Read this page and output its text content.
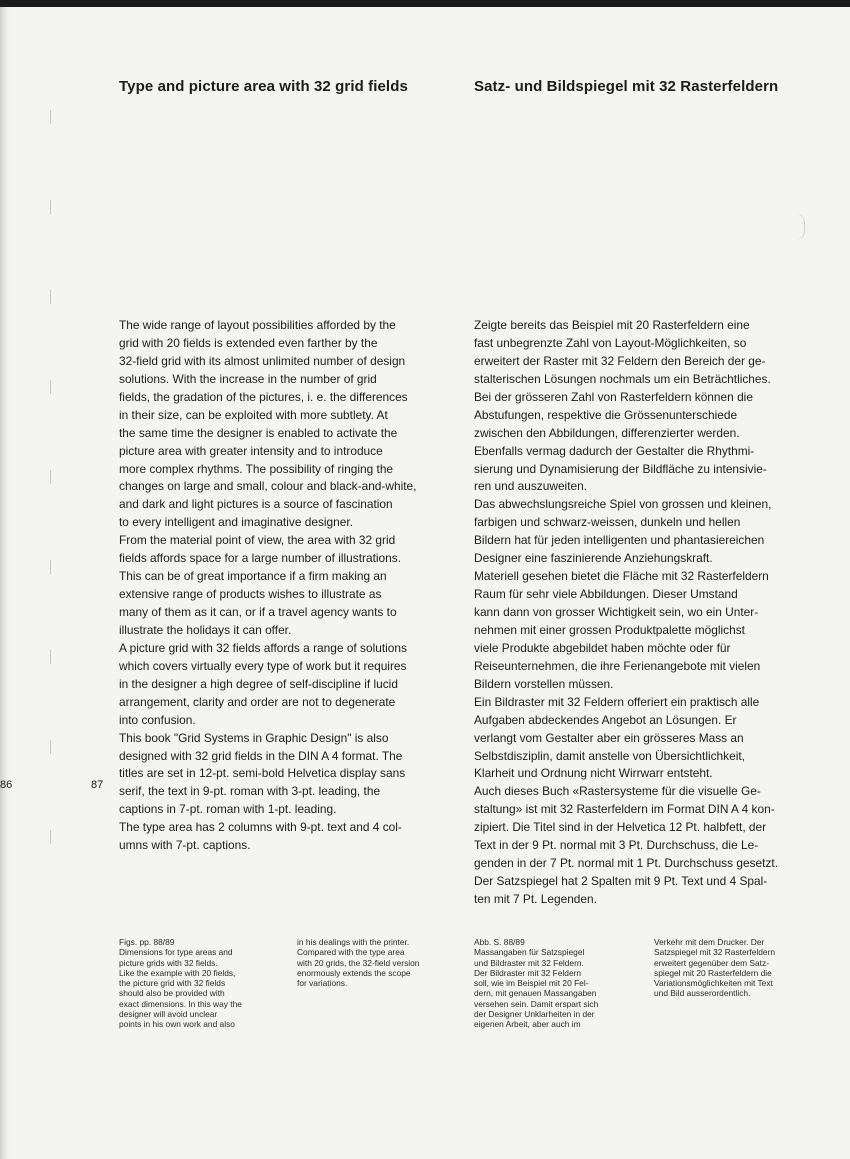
Type and picture area with 32 grid fields	Satz- und Bildspiegel mit 32 Rasterfeldern

The wide range of layout possibilities afforded by the

grid with 20 fields is extended even farther by the

32-field grid with its almost unlimited number of design

solutions. With the increase in the number of grid

fields, the gradation of the pictures, i. e. the differences

in their size, can be exploited with more subtlety. At

the same time the designer is enabled to activate the

picture area with greater intensity and to introduce

more complex rhythms. The possibility of ringing the

changes on large and small, colour and black-and-white,

and dark and light pictures is a source of fascination

to every intelligent and imaginative designer.

From the material point of view, the area with 32 grid

fields affords space for a large number of illustrations.

This can be of great importance if a firm making an

extensive range of products wishes to illustrate as

many of them as it can, or if a travel agency wants to

illustrate the holidays it can offer.

A picture grid with 32 fields affords a range of solutions

which covers virtually every type of work but it requires

in the designer a high degree of self-discipline if lucid

arrangement, clarity and order are not to degenerate

into confusion.

This book "Grid Systems in Graphic Design" is also

designed with 32 grid fields in the DIN A 4 format. The

titles are set in 12-pt. semi-bold Helvetica display sans

serif, the text in 9-pt. roman with 3-pt. leading, the

captions in 7-pt. roman with 1-pt. leading.

The type area has 2 columns with 9-pt. text and 4 col-

umns with 7-pt. captions.

Zeigte bereits das Beispiel mit 20 Rasterfeldern eine

fast unbegrenzte Zahl von Layout-Möglichkeiten, so

erweitert der Raster mit 32 Feldern den Bereich der ge-

stalterischen Lösungen nochmals um ein Beträchtliches.

Bei der grösseren Zahl von Rasterfeldern können die

Abstufungen, respektive die Grössenunterschiede

zwischen den Abbildungen, differenzierter werden.

Ebenfalls vermag dadurch der Gestalter die Rhythmi-

sierung und Dynamisierung der Bildfläche zu intensivie-

ren und auszuweiten.

Das abwechslungsreiche Spiel von grossen und kleinen,

farbigen und schwarz-weissen, dunkeln und hellen

Bildern hat für jeden intelligenten und phantasiereichen

Designer eine faszinierende Anziehungskraft.

Materiell gesehen bietet die Fläche mit 32 Rasterfeldern

Raum für sehr viele Abbildungen. Dieser Umstand

kann dann von grosser Wichtigkeit sein, wo ein Unter-

nehmen mit einer grossen Produktpalette möglichst

viele Produkte abgebildet haben möchte oder für

Reiseunternehmen, die ihre Ferienangebote mit vielen

Bildern vorstellen müssen.

Ein Bildraster mit 32 Feldern offeriert ein praktisch alle

Aufgaben abdeckendes Angebot an Lösungen. Er

verlangt vom Gestalter aber ein grösseres Mass an

Selbstdisziplin, damit anstelle von Übersichtlichkeit,

Klarheit und Ordnung nicht Wirrwarr entsteht.

Auch dieses Buch «Rastersysteme für die visuelle Ge-

staltung» ist mit 32 Rasterfeldern im Format DIN A 4 kon-

zipiert. Die Titel sind in der Helvetica 12 Pt. halbfett, der

Text in der 9 Pt. normal mit 3 Pt. Durchschuss, die Le-

genden in der 7 Pt. normal mit 1 Pt. Durchschuss gesetzt.

Der Satzspiegel hat 2 Spalten mit 9 Pt. Text und 4 Spal-

ten mit 7 Pt. Legenden.

86	87

Figs. pp. 88/89

Dimensions for type areas and

picture grids with 32 fields.

Like the example with 20 fields,

the picture grid with 32 fields

should also be provided with

exact dimensions. In this way the

designer will avoid unclear

points in his own work and also

in his dealings with the printer.

Compared with the type area

with 20 grids, the 32-field version

enormously extends the scope

for variations.

Abb. S. 88/89

Massangaben für Satzspiegel

und Bildraster mit 32 Feldern.

Der Bildraster mit 32 Feldern

soll, wie im Beispiel mit 20 Fel-

dern, mit genauen Massangaben

versehen sein. Damit erspart sich

der Designer Unklarheiten in der

eigenen Arbeit, aber auch im

Verkehr mit dem Drucker. Der

Satzspiegel mit 32 Rasterfeldern

erweitert gegenüber dem Satz-

spiegel mit 20 Rasterfeldern die

Variationsmöglichkeiten mit Text

und Bild ausserordentlich.
